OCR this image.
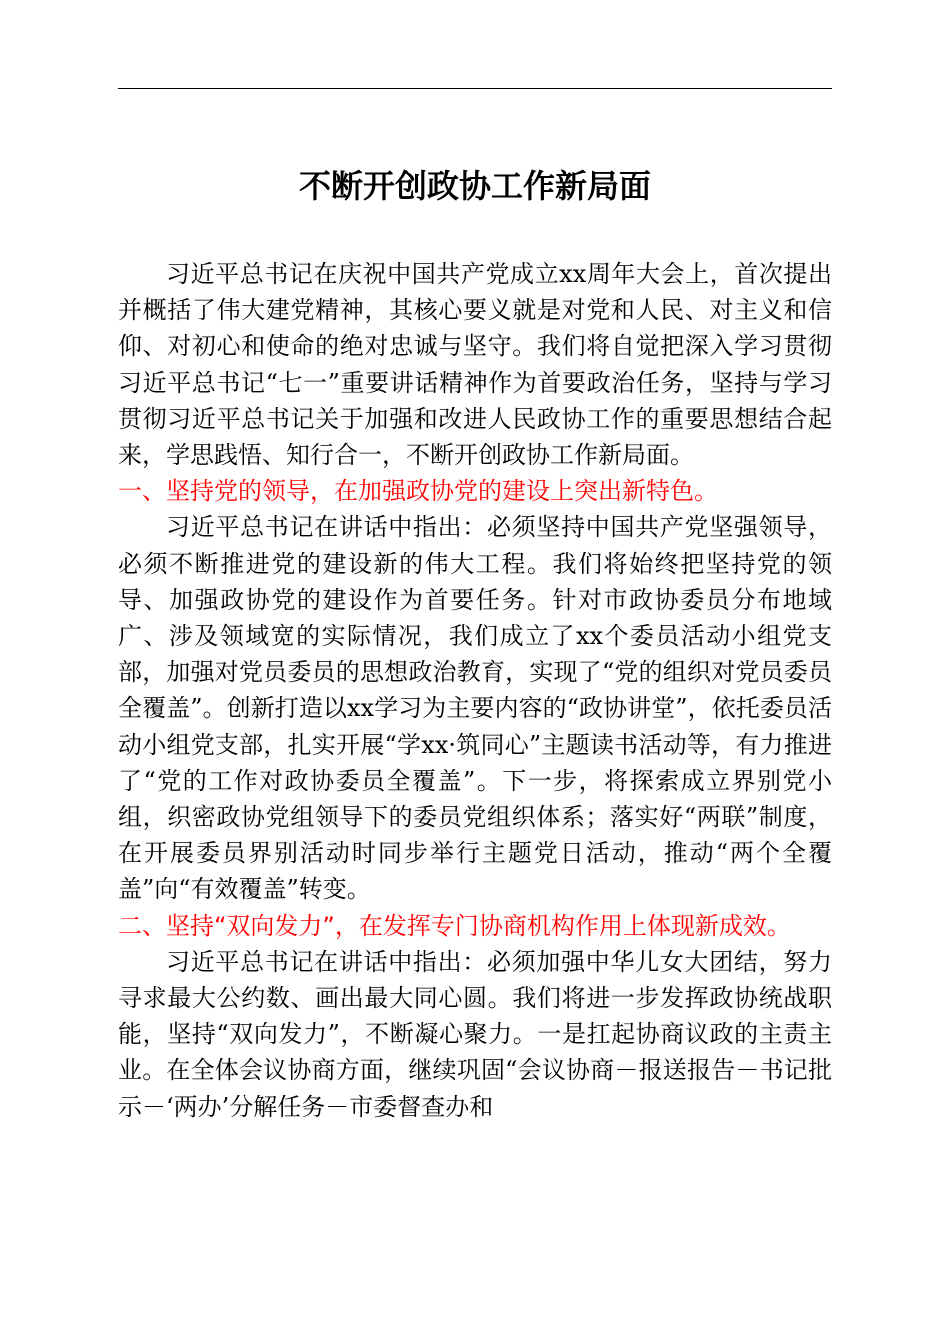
不断开创政协工作新局面

习近平总书记在庆祝中国共产党成立xx周年大会上，首次提出并概括了伟大建党精神，其核心要义就是对党和人民、对主义和信仰、对初心和使命的绝对忠诚与坚守。我们将自觉把深入学习贯彻习近平总书记“七一”重要讲话精神作为首要政治任务，坚持与学习贯彻习近平总书记关于加强和改进人民政协工作的重要思想结合起来，学思践悟、知行合一，不断开创政协工作新局面。

一、坚持党的领导，在加强政协党的建设上突出新特色。

习近平总书记在讲话中指出：必须坚持中国共产党坚强领导，必须不断推进党的建设新的伟大工程。我们将始终把坚持党的领导、加强政协党的建设作为首要任务。针对市政协委员分布地域广、涉及领域宽的实际情况，我们成立了xx个委员活动小组党支部，加强对党员委员的思想政治教育，实现了“党的组织对党员委员全覆盖”。创新打造以xx学习为主要内容的“政协讲堂”，依托委员活动小组党支部，扎实开展“学xx·筑同心”主题读书活动等，有力推进了“党的工作对政协委员全覆盖”。下一步，将探索成立界别党小组，织密政协党组领导下的委员党组织体系；落实好“两联”制度，在开展委员界别活动时同步举行主题党日活动，推动“两个全覆盖”向“有效覆盖”转变。

二、坚持“双向发力”，在发挥专门协商机构作用上体现新成效。

习近平总书记在讲话中指出：必须加强中华儿女大团结，努力寻求最大公约数、画出最大同心圆。我们将进一步发挥政协统战职能，坚持“双向发力”，不断凝心聚力。一是扛起协商议政的主责主业。在全体会议协商方面，继续巩固“会议协商－报送报告－书记批示－‘两办’分解任务－市委督查办和
